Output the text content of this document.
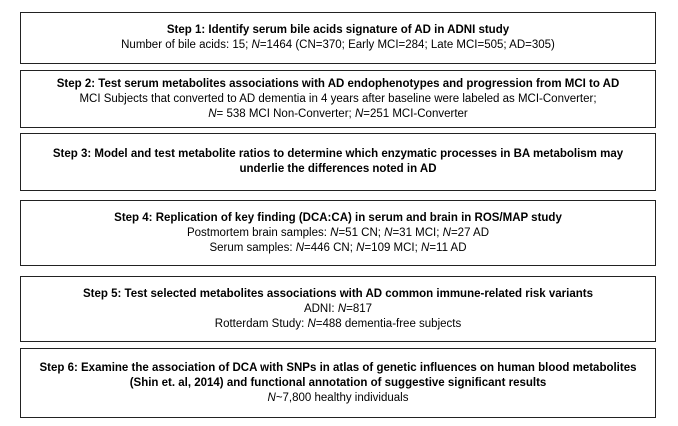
Step 1: Identify serum bile acids signature of AD in ADNI study
Number of bile acids: 15; N=1464 (CN=370; Early MCI=284; Late MCI=505; AD=305)
Step 2: Test serum metabolites associations with AD endophenotypes and progression from MCI to AD
MCI Subjects that converted to AD dementia in 4 years after baseline were labeled as MCI-Converter;
N= 538 MCI Non-Converter; N=251 MCI-Converter
Step 3: Model and test metabolite ratios to determine which enzymatic processes in BA metabolism may underlie the differences noted in AD
Step 4: Replication of key finding (DCA:CA) in serum and brain in ROS/MAP study
Postmortem brain samples: N=51 CN; N=31 MCI; N=27 AD
Serum samples: N=446 CN; N=109 MCI; N=11 AD
Step 5: Test selected metabolites associations with AD common immune-related risk variants
ADNI: N=817
Rotterdam Study: N=488 dementia-free subjects
Step 6: Examine the association of DCA with SNPs in atlas of genetic influences on human blood metabolites (Shin et. al, 2014) and functional annotation of suggestive significant results
N~7,800 healthy individuals
